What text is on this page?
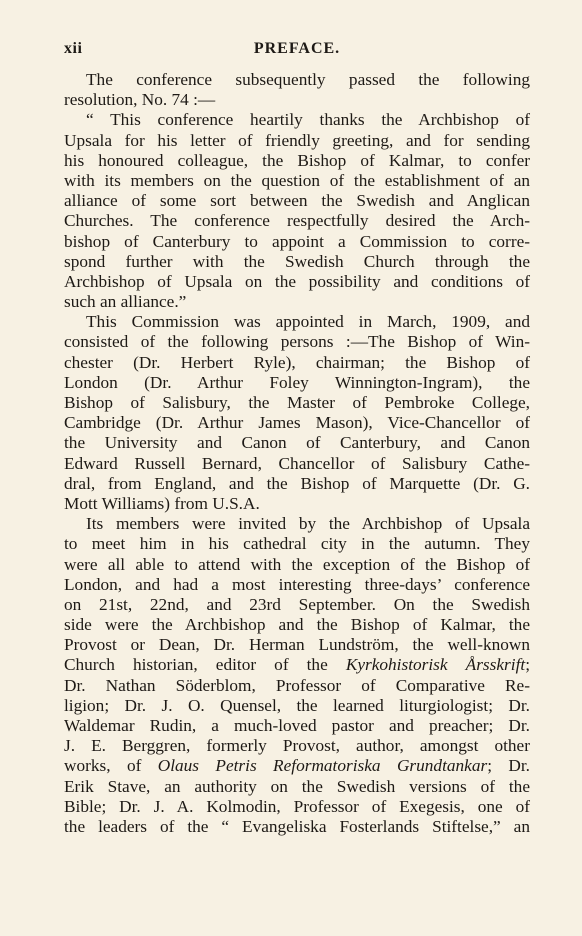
xii	PREFACE.
The conference subsequently passed the following
resolution, No. 74 :—
“ This conference heartily thanks the Archbishop of
Upsala for his letter of friendly greeting, and for sending
his honoured colleague, the Bishop of Kalmar, to confer
with its members on the question of the establishment of an
alliance of some sort between the Swedish and Anglican
Churches. The conference respectfully desired the Arch-
bishop of Canterbury to appoint a Commission to corre-
spond further with the Swedish Church through the
Archbishop of Upsala on the possibility and conditions of
such an alliance.”
This Commission was appointed in March, 1909, and
consisted of the following persons :—The Bishop of Win-
chester (Dr. Herbert Ryle), chairman; the Bishop of
London (Dr. Arthur Foley Winnington-Ingram), the
Bishop of Salisbury, the Master of Pembroke College,
Cambridge (Dr. Arthur James Mason), Vice-Chancellor of
the University and Canon of Canterbury, and Canon
Edward Russell Bernard, Chancellor of Salisbury Cathe-
dral, from England, and the Bishop of Marquette (Dr. G.
Mott Williams) from U.S.A.
Its members were invited by the Archbishop of Upsala
to meet him in his cathedral city in the autumn. They
were all able to attend with the exception of the Bishop of
London, and had a most interesting three-days’ conference
on 21st, 22nd, and 23rd September. On the Swedish
side were the Archbishop and the Bishop of Kalmar, the
Provost or Dean, Dr. Herman Lundström, the well-known
Church historian, editor of the Kyrkohistorisk Årsskrift;
Dr. Nathan Söderblom, Professor of Comparative Re-
ligion; Dr. J. O. Quensel, the learned liturgiologist; Dr.
Waldemar Rudin, a much-loved pastor and preacher; Dr.
J. E. Berggren, formerly Provost, author, amongst other
works, of Olaus Petris Reformatoriska Grundtankar; Dr.
Erik Stave, an authority on the Swedish versions of the
Bible; Dr. J. A. Kolmodin, Professor of Exegesis, one of
the leaders of the “ Evangeliska Fosterlands Stiftelse,” an
